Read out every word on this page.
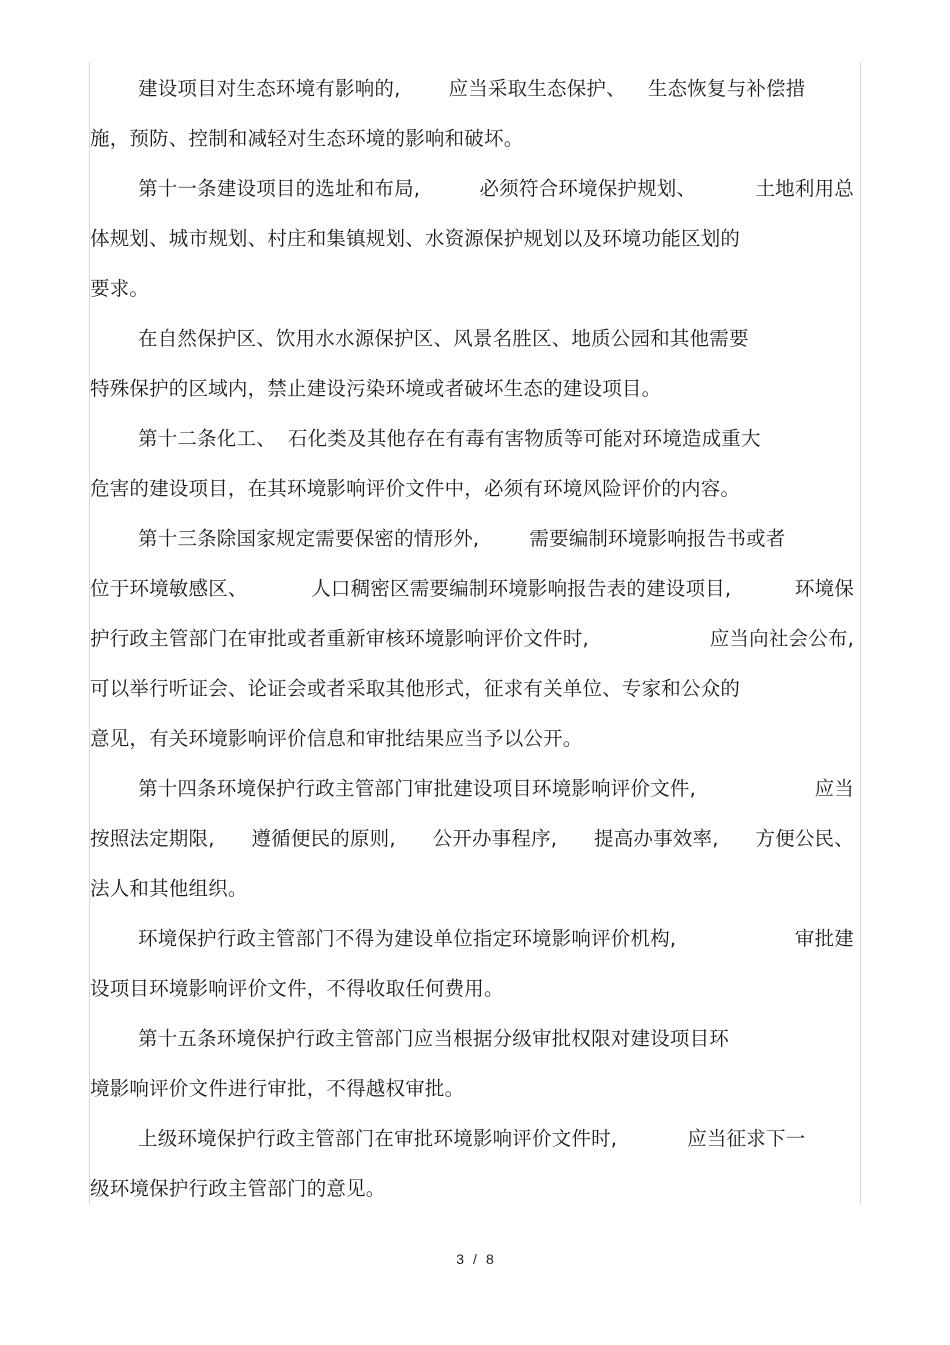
建设项目对生态环境有影响的, 应当采取生态保护、 生态恢复与补偿措
施，预防、控制和减轻对生态环境的影响和破坏。
第十一条建设项目的选址和布局,	必须符合环境保护规划、	土地利用总
体规划、城市规划、村庄和集镇规划、水资源保护规划以及环境功能区划的
要求。
在自然保护区、饮用水水源保护区、风景名胜区、地质公园和其他需要
特殊保护的区域内，禁止建设污染环境或者破坏生态的建设项目。
第十二条化工、 石化类及其他存在有毒有害物质等可能对环境造成重大
危害的建设项目，在其环境影响评价文件中，必须有环境风险评价的内容。
第十三条除国家规定需要保密的情形外,	需要编制环境影响报告书或者
位于环境敏感区、	人口稠密区需要编制环境影响报告表的建设项目,	环境保
护行政主管部门在审批或者重新审核环境影响评价文件时,	应当向社会公布,
可以举行听证会、论证会或者采取其他形式，征求有关单位、专家和公众的
意见，有关环境影响评价信息和审批结果应当予以公开。
第十四条环境保护行政主管部门审批建设项目环境影响评价文件,	应当
按照法定期限, 遵循便民的原则, 公开办事程序, 提高办事效率, 方便公民、
法人和其他组织。
环境保护行政主管部门不得为建设单位指定环境影响评价机构,	审批建
设项目环境影响评价文件，不得收取任何费用。
第十五条环境保护行政主管部门应当根据分级审批权限对建设项目环
境影响评价文件进行审批，不得越权审批。
上级环境保护行政主管部门在审批环境影响评价文件时,	应当征求下一
级环境保护行政主管部门的意见。
3 / 8
